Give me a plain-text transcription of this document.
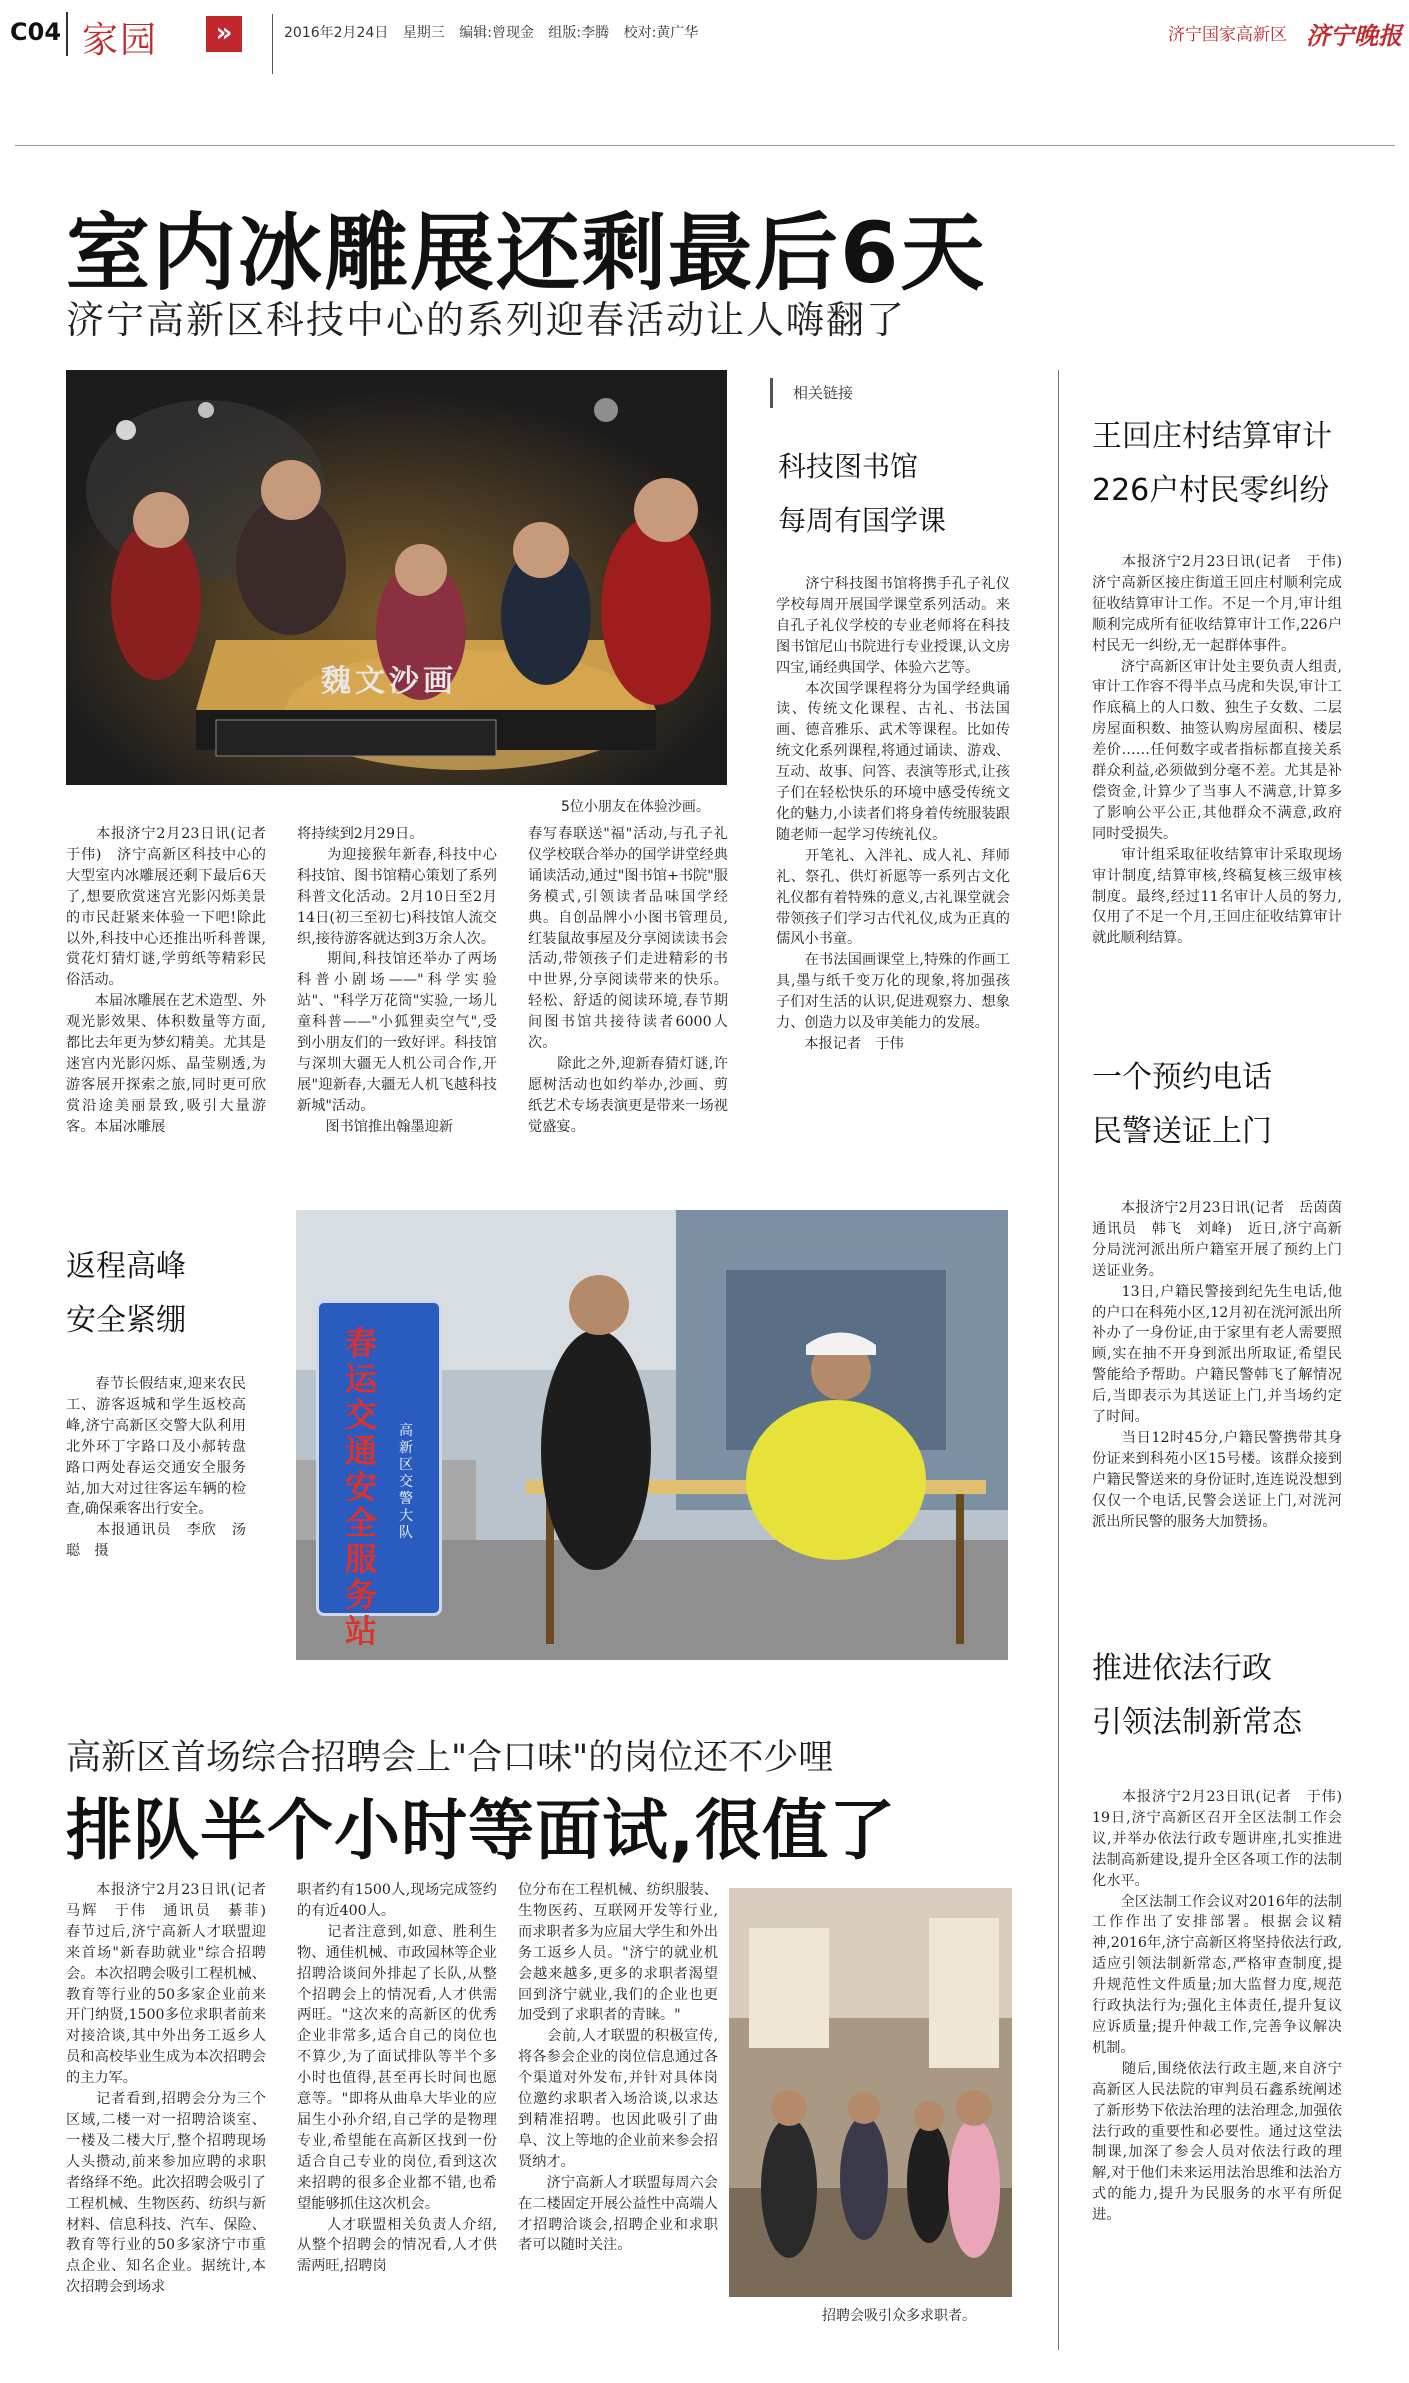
C04 家园	»	2016年2月24日 星期三 编辑:曾现金 组版:李腾 校对:黄广华	济宁国家高新区 济宁晚报
室内冰雕展还剩最后6天
济宁高新区科技中心的系列迎春活动让人嗨翻了
魏文沙画
5位小朋友在体验沙画。
　　本报济宁2月23日讯(记者　于伟)　济宁高新区科技中心的大型室内冰雕展还剩下最后6天了,想要欣赏迷宫光影闪烁美景的市民赶紧来体验一下吧!除此以外,科技中心还推出听科普课,赏花灯猜灯谜,学剪纸等精彩民俗活动。
　　本届冰雕展在艺术造型、外观光影效果、体积数量等方面,都比去年更为梦幻精美。尤其是迷宫内光影闪烁、晶莹剔透,为游客展开探索之旅,同时更可欣赏沿途美丽景致,吸引大量游客。本届冰雕展
将持续到2月29日。
　　为迎接猴年新春,科技中心科技馆、图书馆精心策划了系列科普文化活动。2月10日至2月14日(初三至初七)科技馆人流交织,接待游客就达到3万余人次。
　　期间,科技馆还举办了两场科普小剧场——"科学实验站"、"科学万花筒"实验,一场儿童科普——"小狐狸卖空气",受到小朋友们的一致好评。科技馆与深圳大疆无人机公司合作,开展"迎新春,大疆无人机飞越科技新城"活动。
　　图书馆推出翰墨迎新
春写春联送"福"活动,与孔子礼仪学校联合举办的国学讲堂经典诵读活动,通过"图书馆+书院"服务模式,引领读者品味国学经典。自创品牌小小图书管理员,红装鼠故事屋及分享阅读读书会活动,带领孩子们走进精彩的书中世界,分享阅读带来的快乐。轻松、舒适的阅读环境,春节期间图书馆共接待读者6000人次。
　　除此之外,迎新春猜灯谜,许愿树活动也如约举办,沙画、剪纸艺术专场表演更是带来一场视觉盛宴。
相关链接
科技图书馆
每周有国学课
　　济宁科技图书馆将携手孔子礼仪学校每周开展国学课堂系列活动。来自孔子礼仪学校的专业老师将在科技图书馆尼山书院进行专业授课,认文房四宝,诵经典国学、体验六艺等。
　　本次国学课程将分为国学经典诵读、传统文化课程、古礼、书法国画、德音雅乐、武术等课程。比如传统文化系列课程,将通过诵读、游戏、互动、故事、问答、表演等形式,让孩子们在轻松快乐的环境中感受传统文化的魅力,小读者们将身着传统服装跟随老师一起学习传统礼仪。
　　开笔礼、入泮礼、成人礼、拜师礼、祭孔、供灯祈愿等一系列古文化礼仪都有着特殊的意义,古礼课堂就会带领孩子们学习古代礼仪,成为正真的儒风小书童。
　　在书法国画课堂上,特殊的作画工具,墨与纸千变万化的现象,将加强孩子们对生活的认识,促进观察力、想象力、创造力以及审美能力的发展。
　　本报记者　于伟
王回庄村结算审计
226户村民零纠纷
　　本报济宁2月23日讯(记者　于伟)　济宁高新区接庄街道王回庄村顺利完成征收结算审计工作。不足一个月,审计组顺利完成所有征收结算审计工作,226户村民无一纠纷,无一起群体事件。
　　济宁高新区审计处主要负责人组责,审计工作容不得半点马虎和失误,审计工作底稿上的人口数、独生子女数、二层房屋面积数、抽签认购房屋面积、楼层差价……任何数字或者指标都直接关系群众利益,必须做到分毫不差。尤其是补偿资金,计算少了当事人不满意,计算多了影响公平公正,其他群众不满意,政府同时受损失。
　　审计组采取征收结算审计采取现场审计制度,结算审核,终稿复核三级审核制度。最终,经过11名审计人员的努力,仅用了不足一个月,王回庄征收结算审计就此顺利结算。
一个预约电话
民警送证上门
　　本报济宁2月23日讯(记者　岳茵茵　通讯员　韩飞　刘峰)　近日,济宁高新分局洸河派出所户籍室开展了预约上门送证业务。
　　13日,户籍民警接到纪先生电话,他的户口在科苑小区,12月初在洸河派出所补办了一身份证,由于家里有老人需要照顾,实在抽不开身到派出所取证,希望民警能给予帮助。户籍民警韩飞了解情况后,当即表示为其送证上门,并当场约定了时间。
　　当日12时45分,户籍民警携带其身份证来到科苑小区15号楼。该群众接到户籍民警送来的身份证时,连连说没想到仅仅一个电话,民警会送证上门,对洸河派出所民警的服务大加赞扬。
推进依法行政
引领法制新常态
　　本报济宁2月23日讯(记者　于伟)　19日,济宁高新区召开全区法制工作会议,并举办依法行政专题讲座,扎实推进法制高新建设,提升全区各项工作的法制化水平。
　　全区法制工作会议对2016年的法制工作作出了安排部署。根据会议精神,2016年,济宁高新区将坚持依法行政,适应引领法制新常态,严格审查制度,提升规范性文件质量;加大监督力度,规范行政执法行为;强化主体责任,提升复议应诉质量;提升仲裁工作,完善争议解决机制。
　　随后,围绕依法行政主题,来自济宁高新区人民法院的审判员石鑫系统阐述了新形势下依法治理的法治理念,加强依法行政的重要性和必要性。通过这堂法制课,加深了参会人员对依法行政的理解,对于他们未来运用法治思维和法治方式的能力,提升为民服务的水平有所促进。
返程高峰
安全紧绷
　　春节长假结束,迎来农民工、游客返城和学生返校高峰,济宁高新区交警大队利用北外环丁字路口及小郝转盘路口两处春运交通安全服务站,加大对过往客运车辆的检查,确保乘客出行安全。
　　本报通讯员　李欣　汤聪　摄
春运交通安全服务站
高新区交警大队
高新区首场综合招聘会上"合口味"的岗位还不少哩
排队半个小时等面试,很值了
　　本报济宁2月23日讯(记者　马辉　于伟　通讯员　綦菲)　春节过后,济宁高新人才联盟迎来首场"新春助就业"综合招聘会。本次招聘会吸引工程机械、教育等行业的50多家企业前来开门纳贤,1500多位求职者前来对接洽谈,其中外出务工返乡人员和高校毕业生成为本次招聘会的主力军。
　　记者看到,招聘会分为三个区域,二楼一对一招聘洽谈室、一楼及二楼大厅,整个招聘现场人头攒动,前来参加应聘的求职者络绎不绝。此次招聘会吸引了工程机械、生物医药、纺织与新材料、信息科技、汽车、保险、教育等行业的50多家济宁市重点企业、知名企业。据统计,本次招聘会到场求
职者约有1500人,现场完成签约的有近400人。
　　记者注意到,如意、胜利生物、通佳机械、市政园林等企业招聘洽谈间外排起了长队,从整个招聘会上的情况看,人才供需两旺。"这次来的高新区的优秀企业非常多,适合自己的岗位也不算少,为了面试排队等半个多小时也值得,甚至再长时间也愿意等。"即将从曲阜大毕业的应届生小孙介绍,自己学的是物理专业,希望能在高新区找到一份适合自己专业的岗位,看到这次来招聘的很多企业都不错,也希望能够抓住这次机会。
　　人才联盟相关负责人介绍,从整个招聘会的情况看,人才供需两旺,招聘岗
位分布在工程机械、纺织服装、生物医药、互联网开发等行业,而求职者多为应届大学生和外出务工返乡人员。"济宁的就业机会越来越多,更多的求职者渴望回到济宁就业,我们的企业也更加受到了求职者的青睐。"
　　会前,人才联盟的积极宣传,将各参会企业的岗位信息通过各个渠道对外发布,并针对具体岗位邀约求职者入场洽谈,以求达到精准招聘。也因此吸引了曲阜、汶上等地的企业前来参会招贤纳才。
　　济宁高新人才联盟每周六会在二楼固定开展公益性中高端人才招聘洽谈会,招聘企业和求职者可以随时关注。
招聘会吸引众多求职者。
